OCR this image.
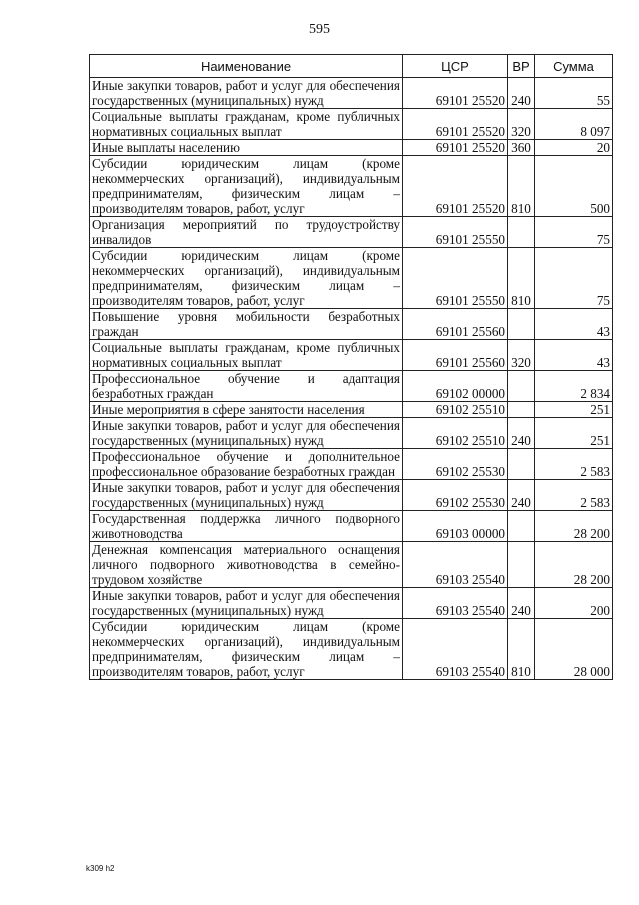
595
Наименование	ЦСР	ВР	Сумма
Иные закупки товаров, работ и услуг для обеспечения государственных (муниципальных) нужд	69101 25520	240	55
Социальные выплаты гражданам, кроме публичных нормативных социальных выплат	69101 25520	320	8 097
Иные выплаты населению	69101 25520	360	20
Субсидии юридическим лицам (кроме некоммерческих организаций), индивидуальным предпринимателям, физическим лицам – производителям товаров, работ, услуг	69101 25520	810	500
Организация мероприятий по трудоустройству инвалидов	69101 25550		75
Субсидии юридическим лицам (кроме некоммерческих организаций), индивидуальным предпринимателям, физическим лицам – производителям товаров, работ, услуг	69101 25550	810	75
Повышение уровня мобильности безработных граждан	69101 25560		43
Социальные выплаты гражданам, кроме публичных нормативных социальных выплат	69101 25560	320	43
Профессиональное обучение и адаптация безработных граждан	69102 00000		2 834
Иные мероприятия в сфере занятости населения	69102 25510		251
Иные закупки товаров, работ и услуг для обеспечения государственных (муниципальных) нужд	69102 25510	240	251
Профессиональное обучение и дополнительное профессиональное образование безработных граждан	69102 25530		2 583
Иные закупки товаров, работ и услуг для обеспечения государственных (муниципальных) нужд	69102 25530	240	2 583
Государственная поддержка личного подворного животноводства	69103 00000		28 200
Денежная компенсация материального оснащения личного подворного животноводства в семейно-трудовом хозяйстве	69103 25540		28 200
Иные закупки товаров, работ и услуг для обеспечения государственных (муниципальных) нужд	69103 25540	240	200
Субсидии юридическим лицам (кроме некоммерческих организаций), индивидуальным предпринимателям, физическим лицам – производителям товаров, работ, услуг	69103 25540	810	28 000
k309 h2
